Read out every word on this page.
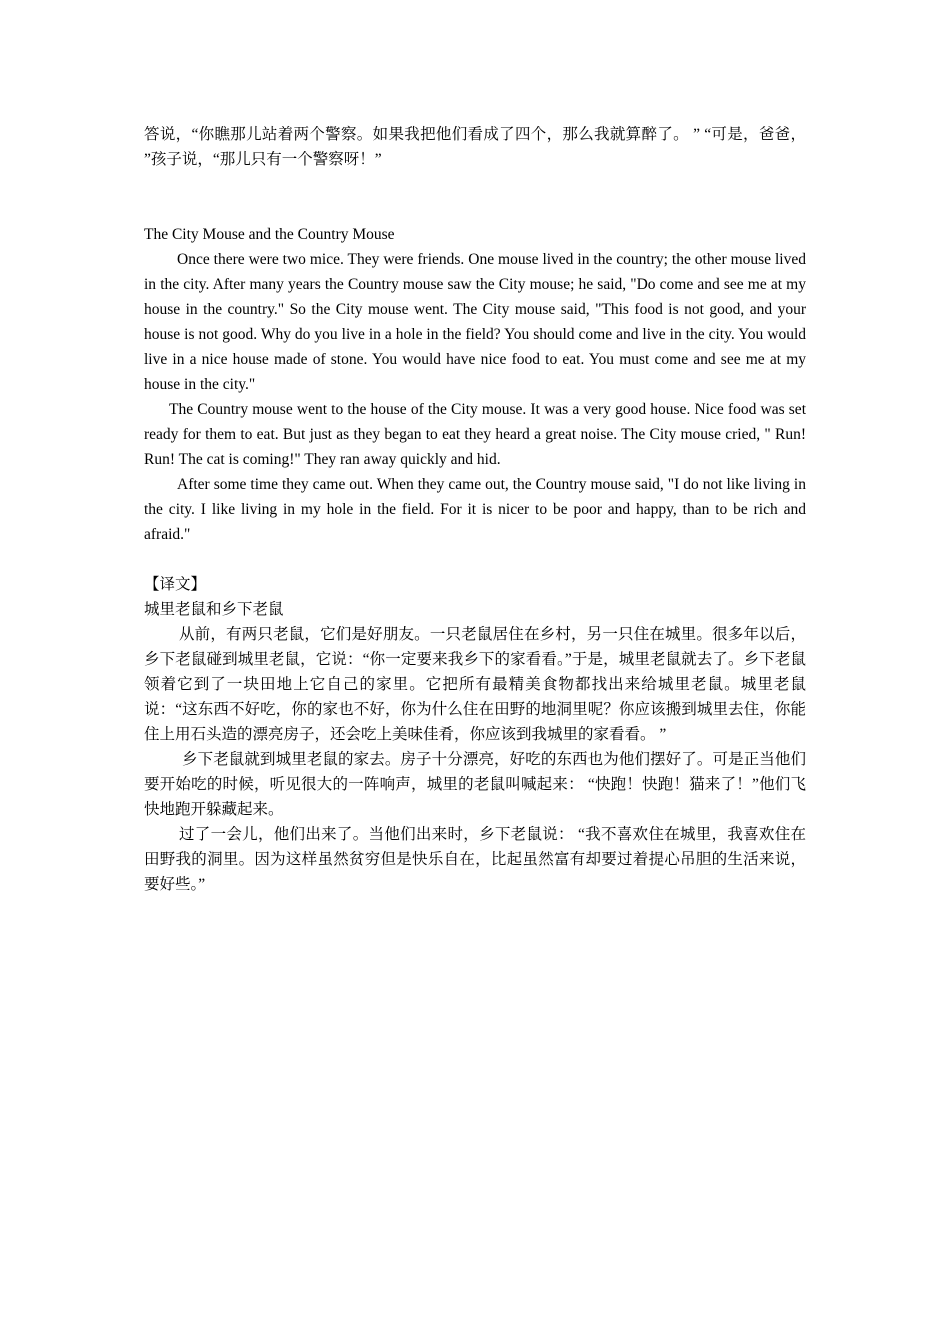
答说，“你瞧那儿站着两个警察。如果我把他们看成了四个，那么我就算醉了。 ” “可是，爸爸， ”孩子说，“那儿只有一个警察呀！”

The City Mouse and the Country Mouse

Once there were two mice. They were friends. One mouse lived in the country; the other mouse lived in the city. After many years the Country mouse saw the City mouse; he said, "Do come and see me at my house in the country." So the City mouse went. The City mouse said, "This food is not good, and your house is not good. Why do you live in a hole in the field? You should come and live in the city. You would live in a nice house made of stone. You would have nice food to eat. You must come and see me at my house in the city."

The Country mouse went to the house of the City mouse. It was a very good house. Nice food was set ready for them to eat. But just as they began to eat they heard a great noise. The City mouse cried, " Run! Run! The cat is coming!" They ran away quickly and hid.

After some time they came out. When they came out, the Country mouse said, "I do not like living in the city. I like living in my hole in the field. For it is nicer to be poor and happy, than to be rich and afraid."

【译文】

城里老鼠和乡下老鼠

从前，有两只老鼠，它们是好朋友。一只老鼠居住在乡村，另一只住在城里。很多年以后，乡下老鼠碰到城里老鼠，它说：“你一定要来我乡下的家看看。”于是，城里老鼠就去了。乡下老鼠领着它到了一块田地上它自己的家里。它把所有最精美食物都找出来给城里老鼠。城里老鼠说：“这东西不好吃，你的家也不好，你为什么住在田野的地洞里呢？你应该搬到城里去住，你能住上用石头造的漂亮房子，还会吃上美味佳肴，你应该到我城里的家看看。 ”

乡下老鼠就到城里老鼠的家去。房子十分漂亮，好吃的东西也为他们摆好了。可是正当他们要开始吃的时候，听见很大的一阵响声，城里的老鼠叫喊起来： “快跑！快跑！猫来了！”他们飞快地跑开躲藏起来。

过了一会儿，他们出来了。当他们出来时，乡下老鼠说： “我不喜欢住在城里，我喜欢住在田野我的洞里。因为这样虽然贫穷但是快乐自在，比起虽然富有却要过着提心吊胆的生活来说，要好些。”
